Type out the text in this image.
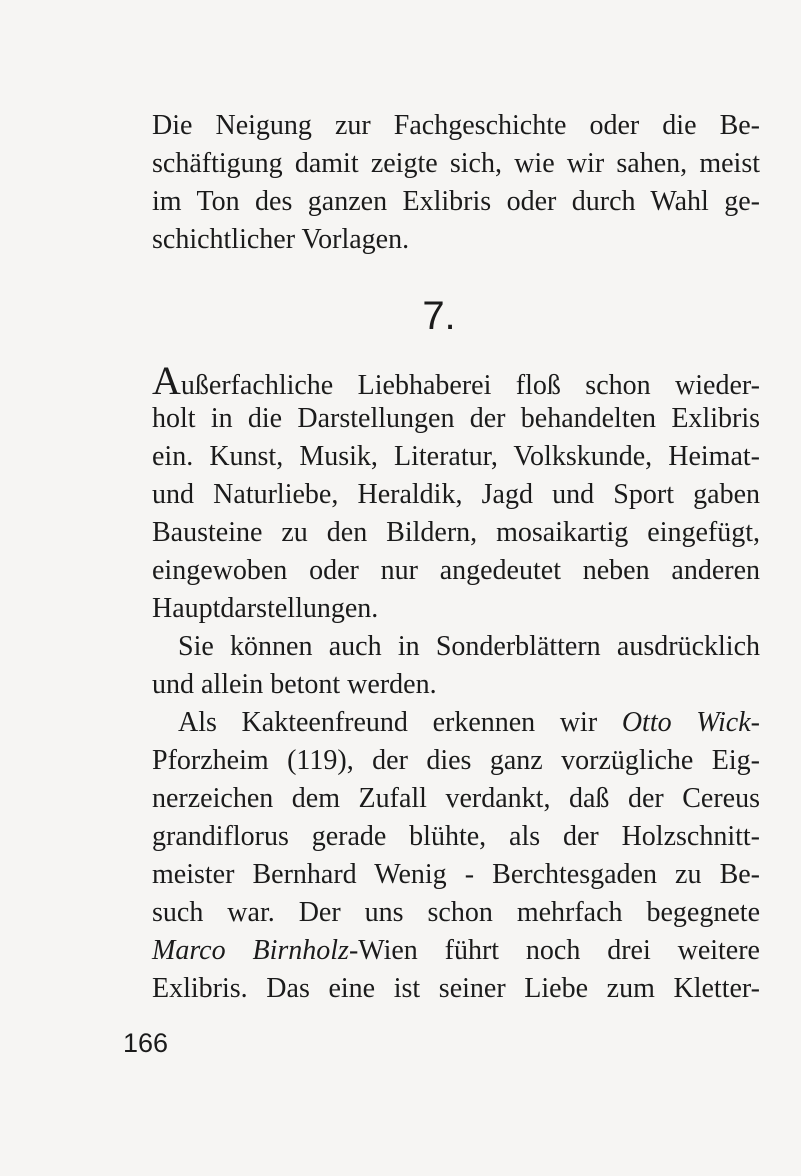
Die Neigung zur Fachgeschichte oder die Be-
schäftigung damit zeigte sich, wie wir sahen, meist
im Ton des ganzen Exlibris oder durch Wahl ge-
schichtlicher Vorlagen.
7.
Außerfachliche Liebhaberei floß schon wieder-
holt in die Darstellungen der behandelten Exlibris
ein. Kunst, Musik, Literatur, Volkskunde, Heimat-
und Naturliebe, Heraldik, Jagd und Sport gaben
Bausteine zu den Bildern, mosaikartig eingefügt,
eingewoben oder nur angedeutet neben anderen
Hauptdarstellungen.
Sie können auch in Sonderblättern ausdrücklich
und allein betont werden.
Als Kakteenfreund erkennen wir Otto Wick-
Pforzheim (119), der dies ganz vorzügliche Eig-
nerzeichen dem Zufall verdankt, daß der Cereus
grandiflorus gerade blühte, als der Holzschnitt-
meister Bernhard Wenig - Berchtesgaden zu Be-
such war. Der uns schon mehrfach begegnete
Marco Birnholz-Wien führt noch drei weitere
Exlibris. Das eine ist seiner Liebe zum Kletter-
166
